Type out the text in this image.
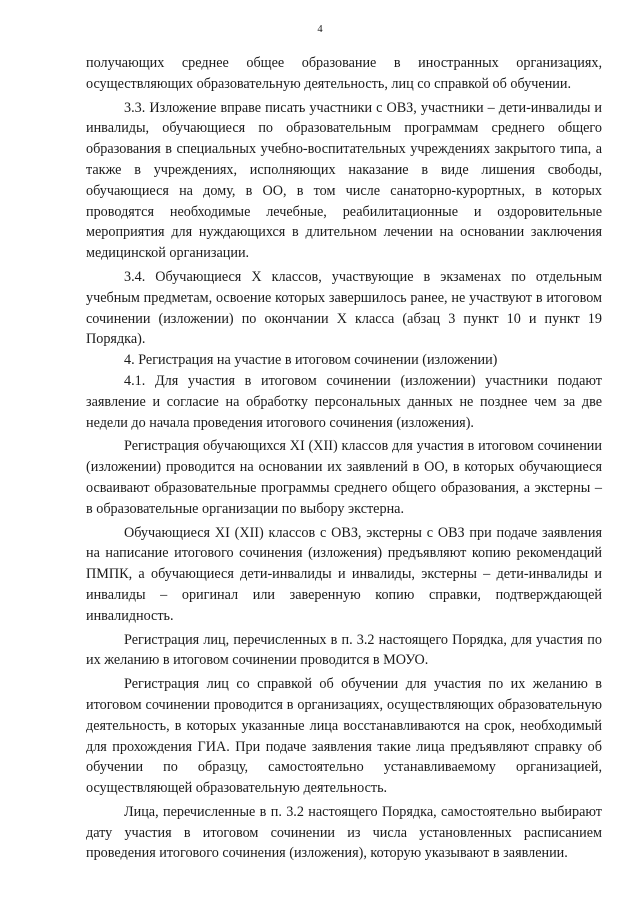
4

получающих среднее общее образование в иностранных организациях, осуществляющих образовательную деятельность, лиц со справкой об обучении.

3.3. Изложение вправе писать участники с ОВЗ, участники – дети-инвалиды и инвалиды, обучающиеся по образовательным программам среднего общего образования в специальных учебно-воспитательных учреждениях закрытого типа, а также в учреждениях, исполняющих наказание в виде лишения свободы, обучающиеся на дому, в ОО, в том числе санаторно-курортных, в которых проводятся необходимые лечебные, реабилитационные и оздоровительные мероприятия для нуждающихся в длительном лечении на основании заключения медицинской организации.

3.4. Обучающиеся X классов, участвующие в экзаменах по отдельным учебным предметам, освоение которых завершилось ранее, не участвуют в итоговом сочинении (изложении) по окончании X класса (абзац 3 пункт 10 и пункт 19 Порядка).

4. Регистрация на участие в итоговом сочинении (изложении)

4.1. Для участия в итоговом сочинении (изложении) участники подают заявление и согласие на обработку персональных данных не позднее чем за две недели до начала проведения итогового сочинения (изложения).

Регистрация обучающихся XI (XII) классов для участия в итоговом сочинении (изложении) проводится на основании их заявлений в ОО, в которых обучающиеся осваивают образовательные программы среднего общего образования, а экстерны – в образовательные организации по выбору экстерна.

Обучающиеся XI (XII) классов с ОВЗ, экстерны с ОВЗ при подаче заявления на написание итогового сочинения (изложения) предъявляют копию рекомендаций ПМПК, а обучающиеся дети-инвалиды и инвалиды, экстерны – дети-инвалиды и инвалиды – оригинал или заверенную копию справки, подтверждающей инвалидность.

Регистрация лиц, перечисленных в п. 3.2 настоящего Порядка, для участия по их желанию в итоговом сочинении проводится в МОУО.

Регистрация лиц со справкой об обучении для участия по их желанию в итоговом сочинении проводится в организациях, осуществляющих образовательную деятельность, в которых указанные лица восстанавливаются на срок, необходимый для прохождения ГИА. При подаче заявления такие лица предъявляют справку об обучении по образцу, самостоятельно устанавливаемому организацией, осуществляющей образовательную деятельность.

Лица, перечисленные в п. 3.2 настоящего Порядка, самостоятельно выбирают дату участия в итоговом сочинении из числа установленных расписанием проведения итогового сочинения (изложения), которую указывают в заявлении.
